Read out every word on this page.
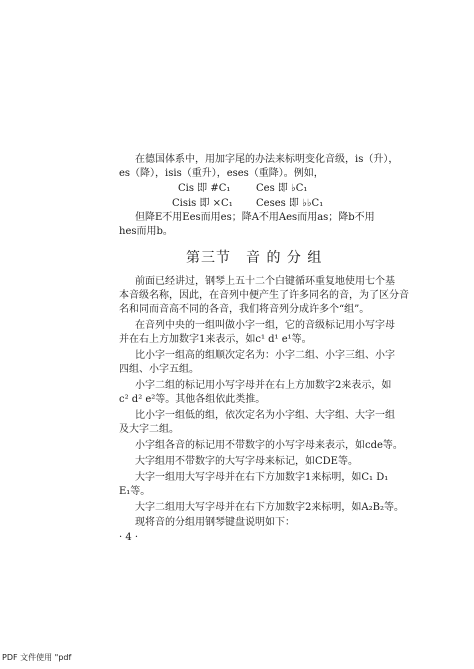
在德国体系中，用加字尾的办法来标明变化音级，is（升），
es（降），isis（重升），eses（重降）。例如，
Cis 即 #C₁	Ces 即 ♭C₁
Cisis 即 ×C₁ Ceses 即 ♭♭C₁
但降E不用Ees而用es；降A不用Aes而用as；降b不用
hes而用b。
第三节　音 的 分 组
前面已经讲过，钢琴上五十二个白键循环重复地使用七个基
本音级名称，因此，在音列中便产生了许多同名的音，为了区分音
名和同而音高不同的各音，我们将音列分成许多个“组”。
在音列中央的一组叫做小字一组，它的音级标记用小写字母
并在右上方加数字1来表示，如c¹ d¹ e¹等。
比小字一组高的组顺次定名为：小字二组、小字三组、小字
四组、小字五组。
小字二组的标记用小写字母并在右上方加数字2来表示，如
c² d² e²等。其他各组依此类推。
比小字一组低的组，依次定名为小字组、大字组、大字一组
及大字二组。
小字组各音的标记用不带数字的小写字母来表示，如cde等。
大字组用不带数字的大写字母来标记，如CDE等。
大字一组用大写字母并在右下方加数字1来标明，如C₁ D₁
E₁等。
大字二组用大写字母并在右下方加数字2来标明，如A₂B₂等。
现将音的分组用钢琴键盘说明如下：
· 4 ·
PDF 文件使用 "pdf
